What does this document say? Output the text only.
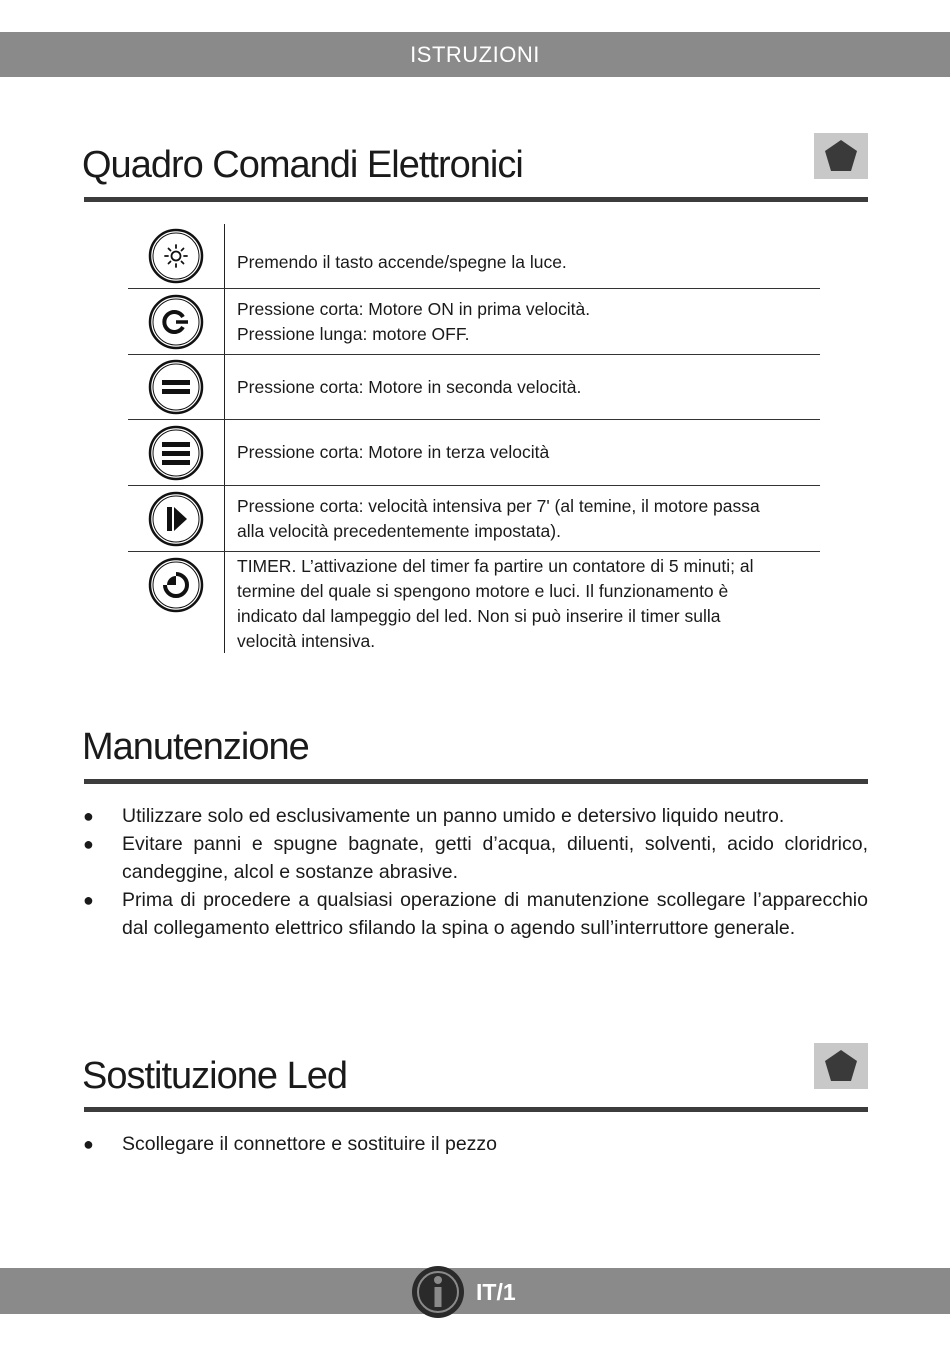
ISTRUZIONI
Quadro Comandi Elettronici
Premendo il tasto accende/spegne la luce.
Pressione corta: Motore ON in prima velocità.
Pressione lunga: motore OFF.
Pressione corta: Motore in seconda velocità.
Pressione corta: Motore in terza velocità
Pressione corta: velocità intensiva per 7' (al temine, il motore passa
alla velocità precedentemente impostata).
TIMER. L’attivazione del timer fa partire un contatore di 5 minuti; al
termine del quale si spengono motore e luci. Il funzionamento è
indicato dal lampeggio del led. Non si può inserire il timer sulla
velocità intensiva.
Manutenzione
● Utilizzare solo ed esclusivamente un panno umido e detersivo liquido neutro.
● Evitare panni e spugne bagnate, getti d’acqua, diluenti, solventi, acido cloridrico, candeggine, alcol e sostanze abrasive.
● Prima di procedere a qualsiasi operazione di manutenzione scollegare l’apparecchio dal collegamento elettrico sfilando la spina o agendo sull’interruttore generale.
Sostituzione Led
● Scollegare il connettore e sostituire il pezzo
IT/1
